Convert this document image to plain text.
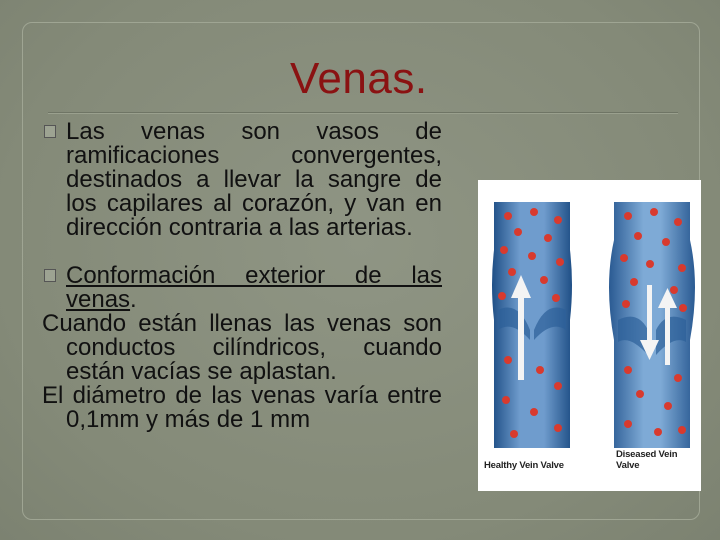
Venas.

Las venas son vasos de ramificaciones convergentes, destinados a llevar la sangre de los capilares al corazón, y van en dirección contraria a las arterias.

Conformación exterior de las venas.

Cuando están llenas las venas son conductos cilíndricos, cuando están vacías se aplastan.

El diámetro de las venas varía entre 0,1mm y más de 1 mm

Healthy Vein Valve
Diseased Vein Valve
